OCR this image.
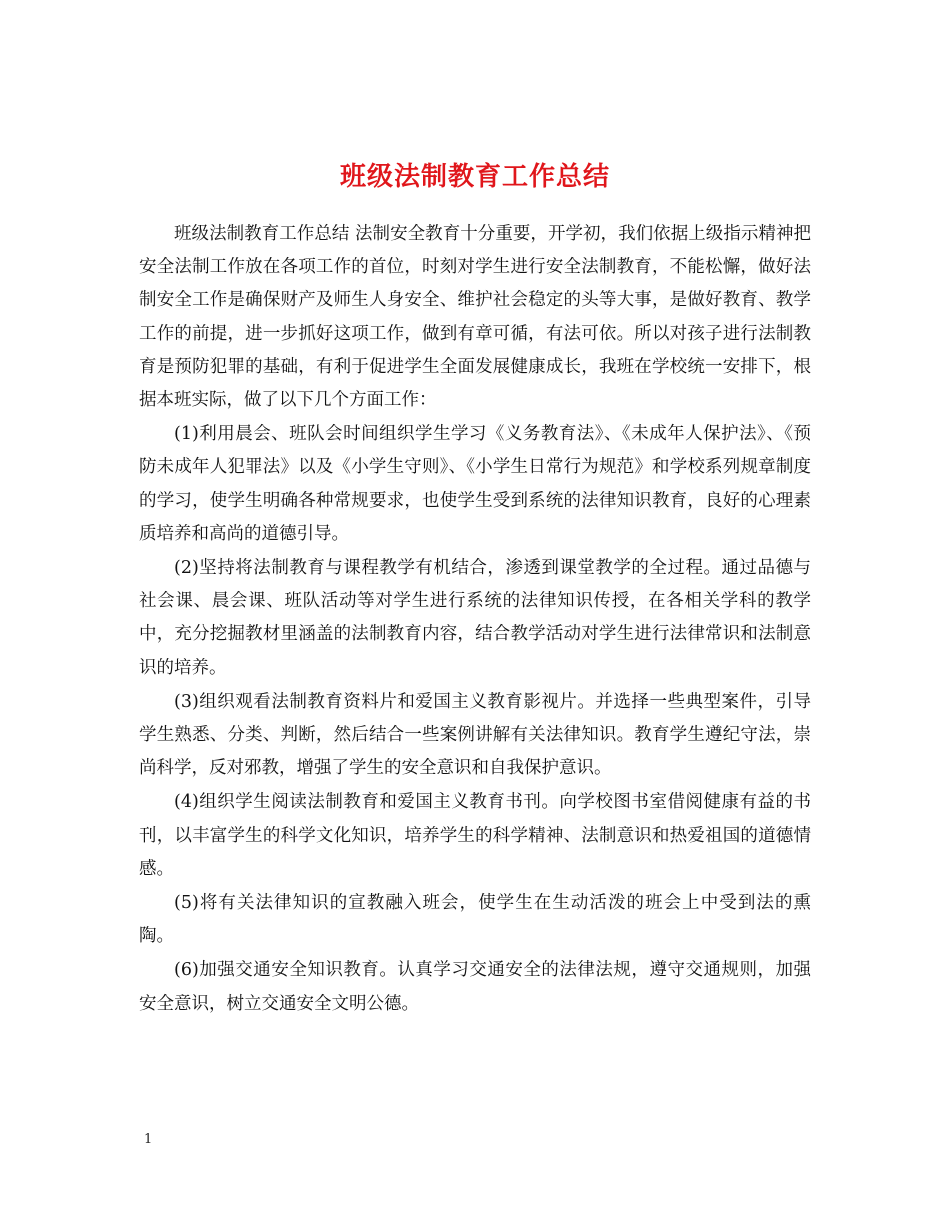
班级法制教育工作总结

班级法制教育工作总结 法制安全教育十分重要，开学初，我们依据上级指示精神把安全法制工作放在各项工作的首位，时刻对学生进行安全法制教育，不能松懈，做好法制安全工作是确保财产及师生人身安全、维护社会稳定的头等大事，是做好教育、教学工作的前提，进一步抓好这项工作，做到有章可循，有法可依。所以对孩子进行法制教育是预防犯罪的基础，有利于促进学生全面发展健康成长，我班在学校统一安排下，根据本班实际，做了以下几个方面工作：

(1)利用晨会、班队会时间组织学生学习《义务教育法》、《未成年人保护法》、《预防未成年人犯罪法》以及《小学生守则》、《小学生日常行为规范》和学校系列规章制度的学习，使学生明确各种常规要求，也使学生受到系统的法律知识教育，良好的心理素质培养和高尚的道德引导。

(2)坚持将法制教育与课程教学有机结合，渗透到课堂教学的全过程。通过品德与社会课、晨会课、班队活动等对学生进行系统的法律知识传授，在各相关学科的教学中，充分挖掘教材里涵盖的法制教育内容，结合教学活动对学生进行法律常识和法制意识的培养。

(3)组织观看法制教育资料片和爱国主义教育影视片。并选择一些典型案件，引导学生熟悉、分类、判断，然后结合一些案例讲解有关法律知识。教育学生遵纪守法，崇尚科学，反对邪教，增强了学生的安全意识和自我保护意识。

(4)组织学生阅读法制教育和爱国主义教育书刊。向学校图书室借阅健康有益的书刊，以丰富学生的科学文化知识，培养学生的科学精神、法制意识和热爱祖国的道德情感。

(5)将有关法律知识的宣教融入班会，使学生在生动活泼的班会上中受到法的熏陶。

(6)加强交通安全知识教育。认真学习交通安全的法律法规，遵守交通规则，加强安全意识，树立交通安全文明公德。

1
